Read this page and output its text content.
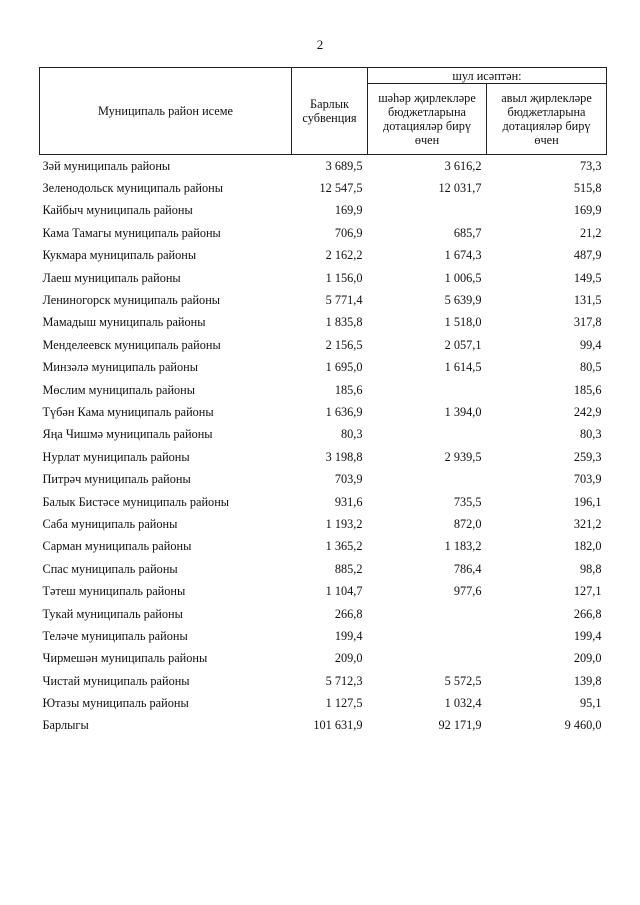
2
Муниципаль район исеме	Барлык субвенция	шул исәптән:	
		шәһәр җирлекләре бюджетларына дотацияләр бирү өчен	авыл җирлекләре бюджетларына дотацияләр бирү өчен
Зәй муниципаль районы	3 689,5	3 616,2	73,3
Зеленодольск муниципаль районы	12 547,5	12 031,7	515,8
Кайбыч муниципаль районы	169,9		169,9
Кама Тамагы муниципаль районы	706,9	685,7	21,2
Кукмара муниципаль районы	2 162,2	1 674,3	487,9
Лаеш муниципаль районы	1 156,0	1 006,5	149,5
Лениногорск муниципаль районы	5 771,4	5 639,9	131,5
Мамадыш муниципаль районы	1 835,8	1 518,0	317,8
Менделеевск муниципаль районы	2 156,5	2 057,1	99,4
Минзәлә муниципаль районы	1 695,0	1 614,5	80,5
Мөслим муниципаль районы	185,6		185,6
Түбән Кама муниципаль районы	1 636,9	1 394,0	242,9
Яңа Чишмә муниципаль районы	80,3		80,3
Нурлат муниципаль районы	3 198,8	2 939,5	259,3
Питрәч муниципаль районы	703,9		703,9
Балык Бистәсе муниципаль районы	931,6	735,5	196,1
Саба муниципаль районы	1 193,2	872,0	321,2
Сарман муниципаль районы	1 365,2	1 183,2	182,0
Спас муниципаль районы	885,2	786,4	98,8
Тәтеш муниципаль районы	1 104,7	977,6	127,1
Тукай муниципаль районы	266,8		266,8
Теләче муниципаль районы	199,4		199,4
Чирмешән муниципаль районы	209,0		209,0
Чистай муниципаль районы	5 712,3	5 572,5	139,8
Ютазы муниципаль районы	1 127,5	1 032,4	95,1
Барлыгы	101 631,9	92 171,9	9 460,0
